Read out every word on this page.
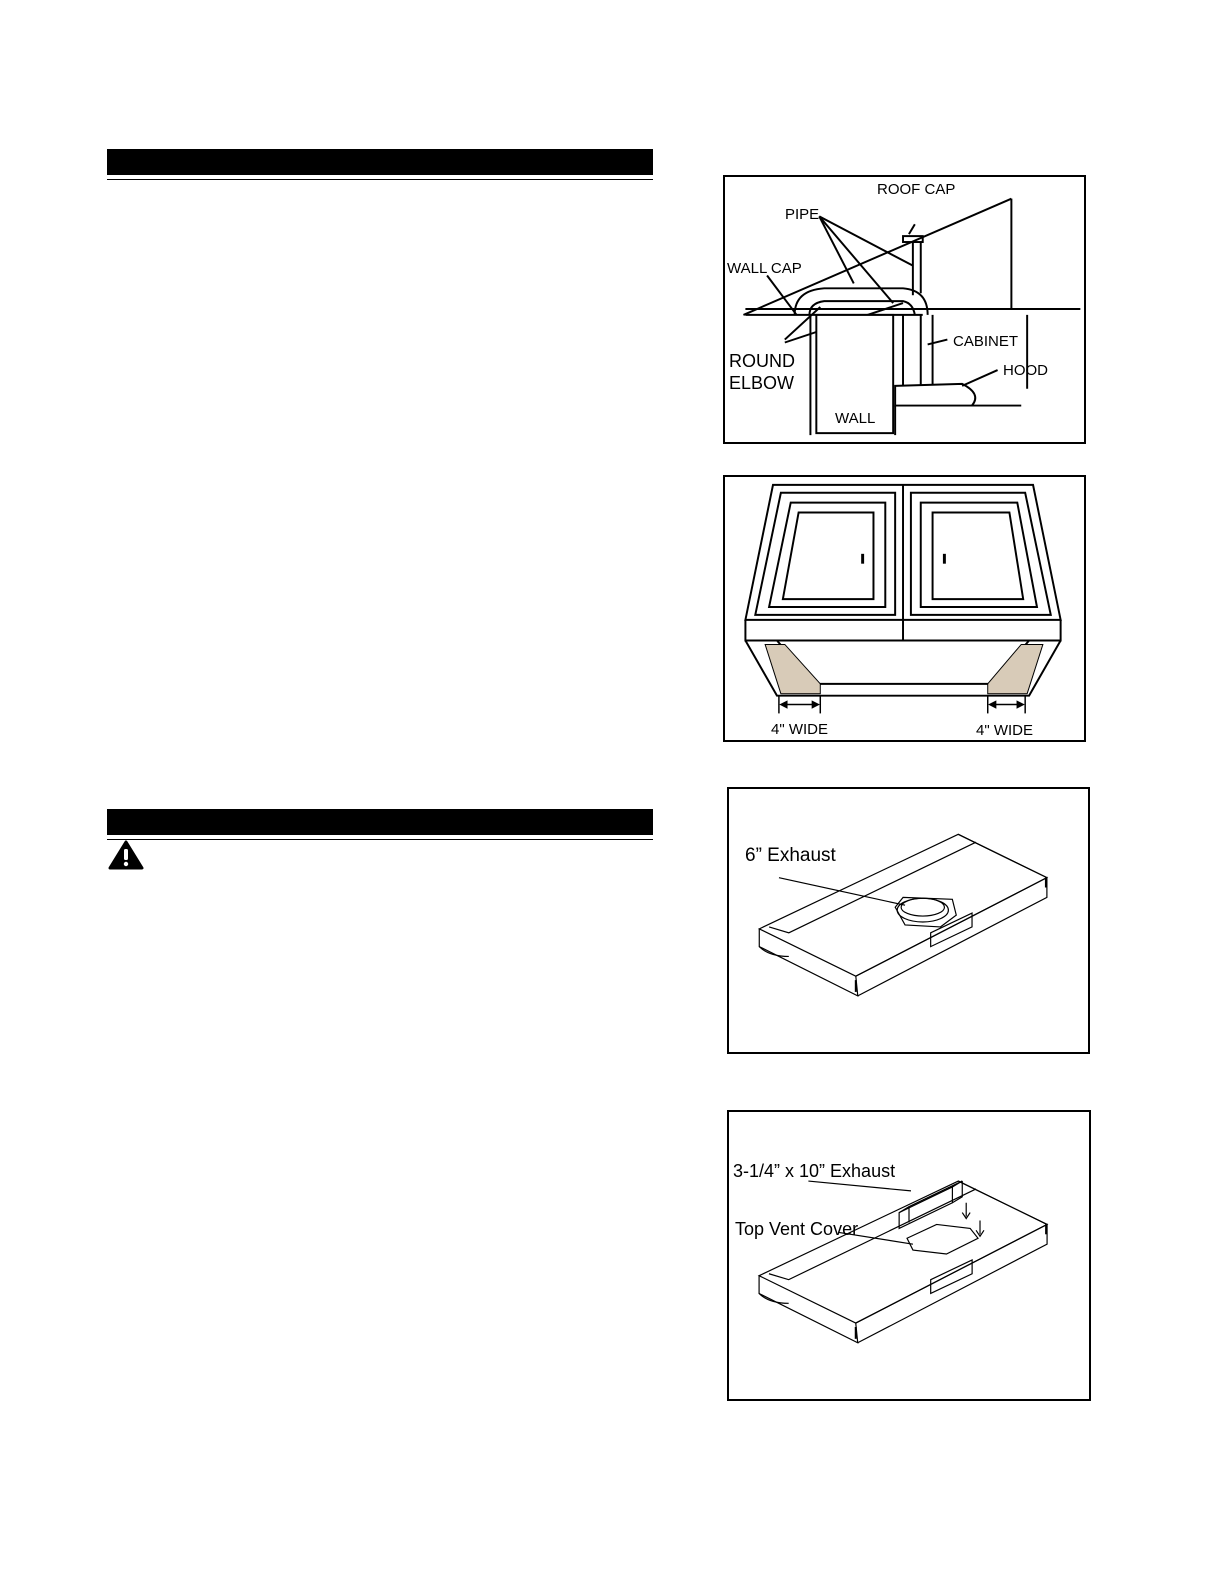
ROOF CAP
PIPE
WALL CAP
CABINET
HOOD
ROUND
ELBOW
WALL
4" WIDE	4" WIDE
6” Exhaust
3-1/4” x 10” Exhaust
Top Vent Cover
